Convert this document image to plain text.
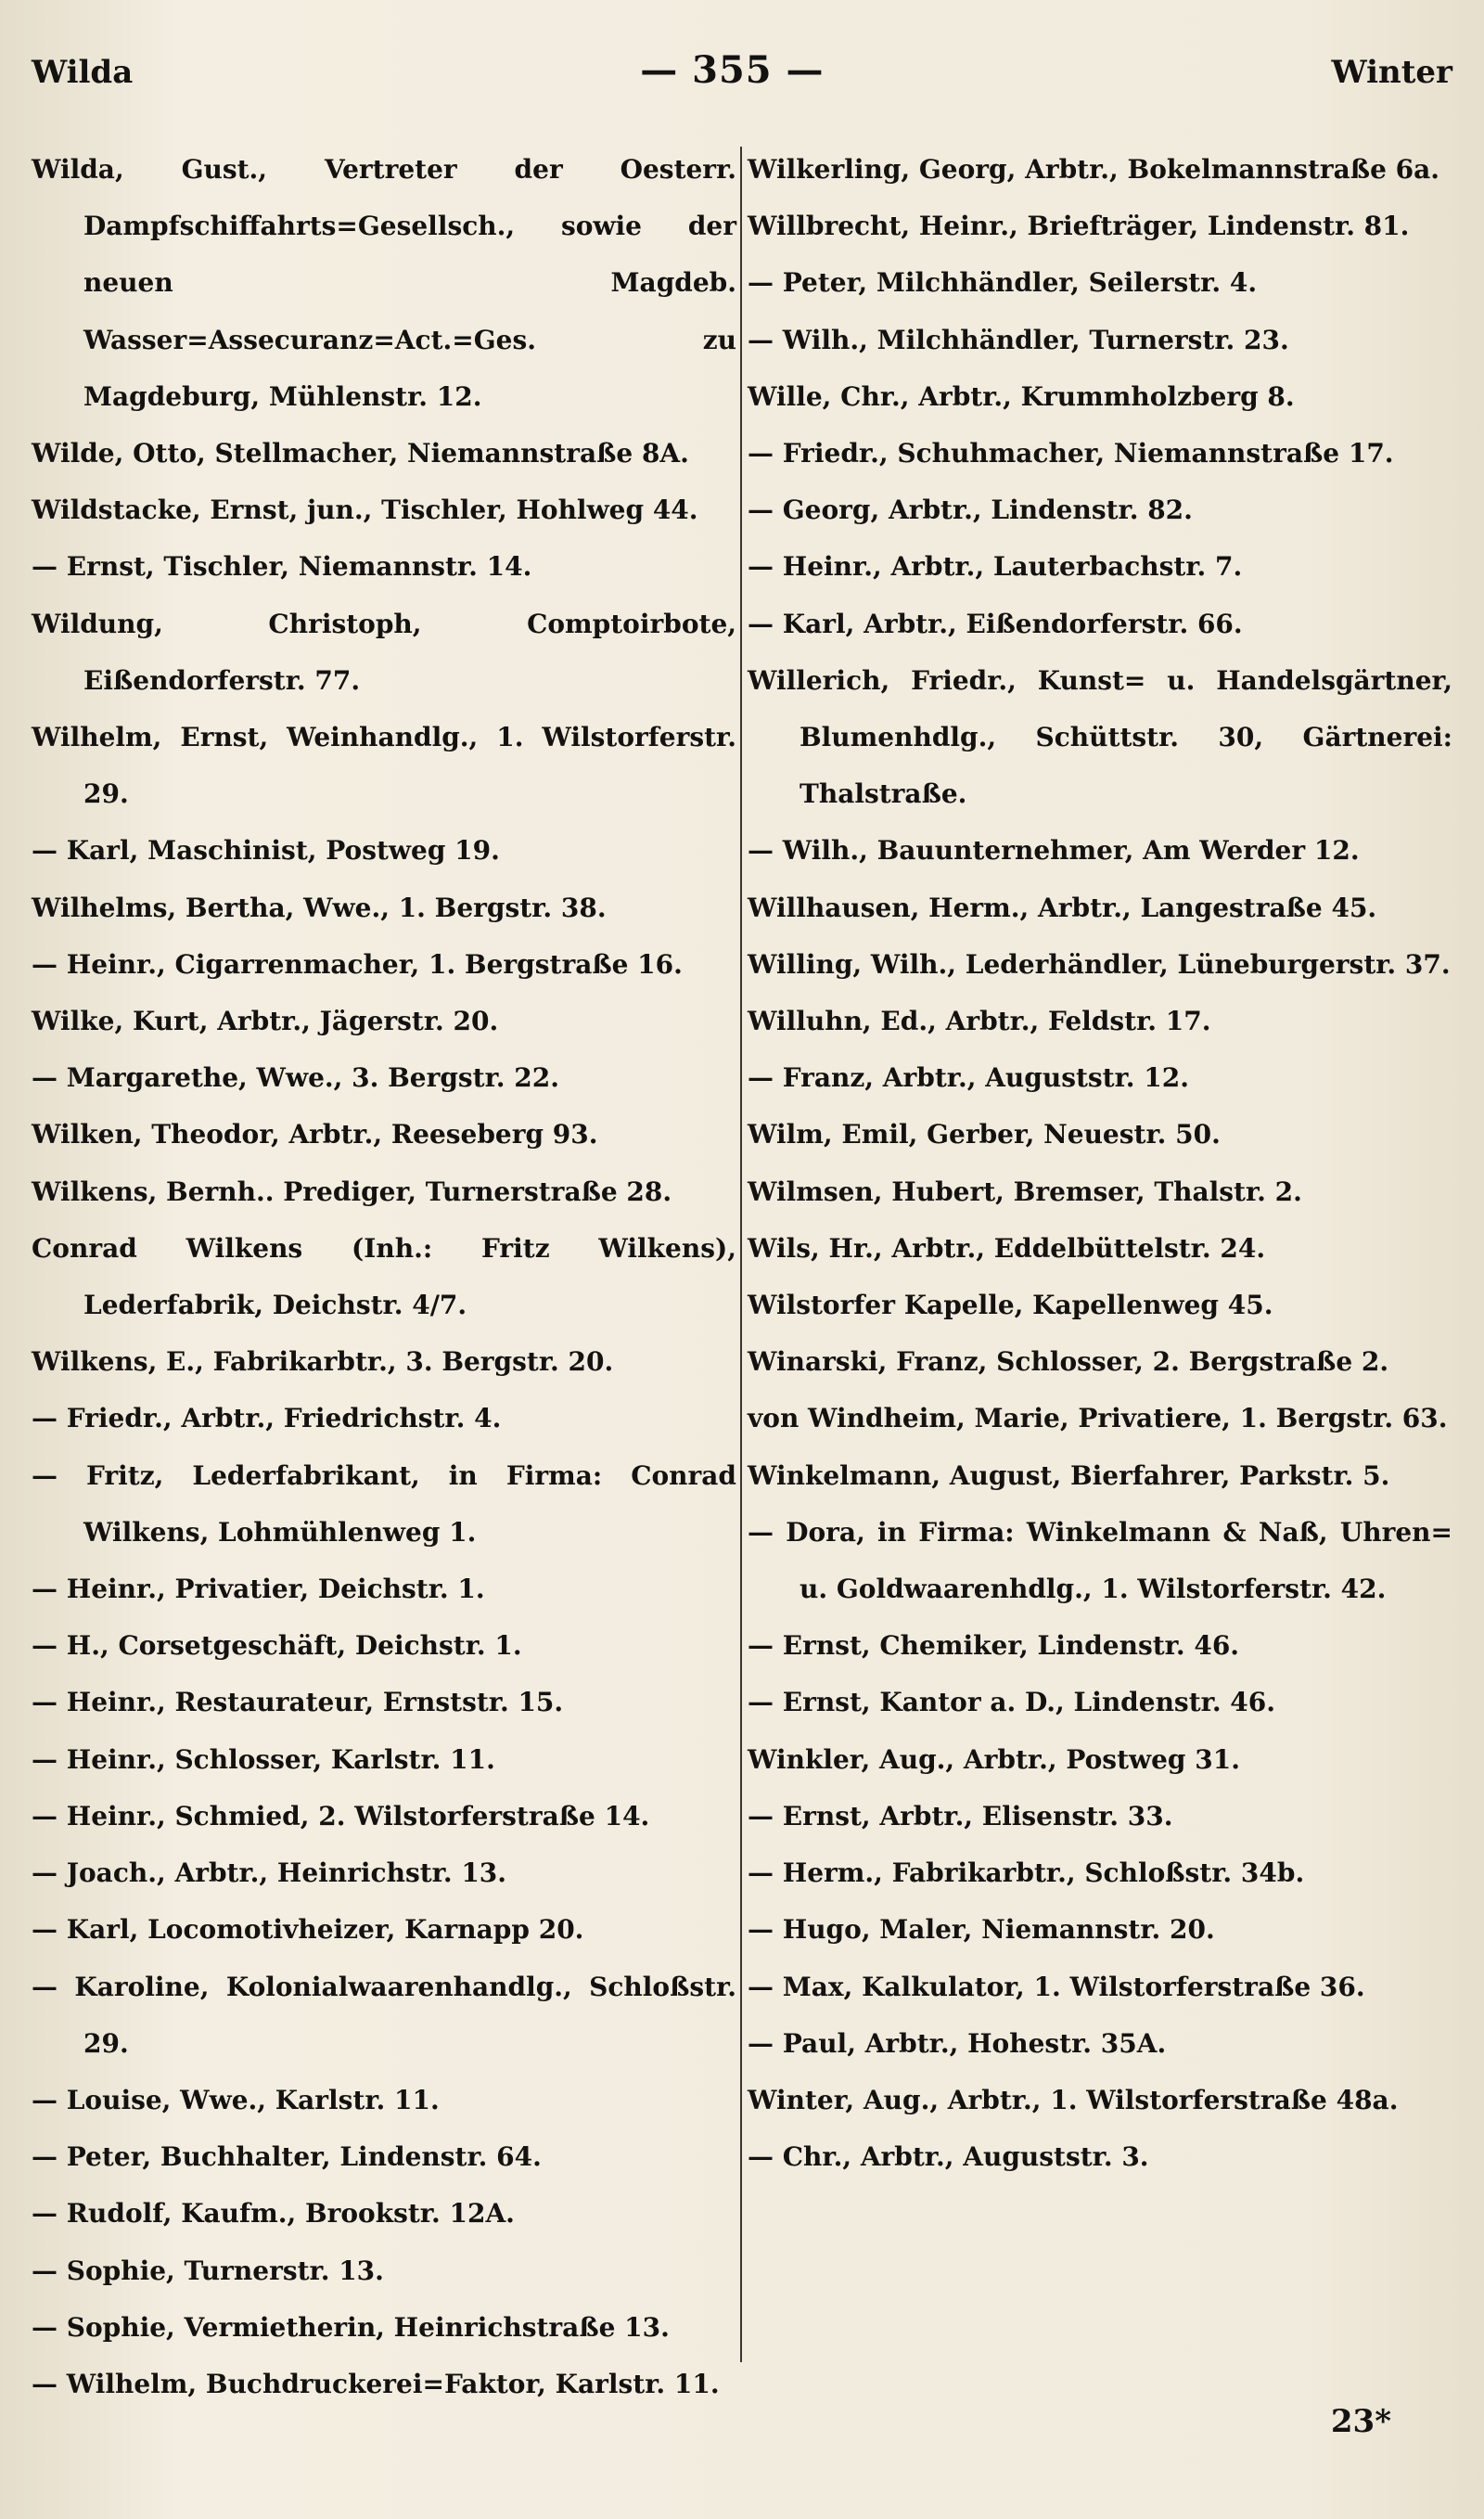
Wilda	— 355 —	Winter
Wilda, Gust., Vertreter der Oesterr. Dampfschiffahrts=Gesellsch., sowie der neuen Magdeb. Wasser=Assecuranz=Act.=Ges. zu Magdeburg, Mühlenstr. 12.
Wilde, Otto, Stellmacher, Niemannstraße 8A.
Wildstacke, Ernst, jun., Tischler, Hohlweg 44.
— Ernst, Tischler, Niemannstr. 14.
Wildung, Christoph, Comptoirbote, Eißendorferstr. 77.
Wilhelm, Ernst, Weinhandlg., 1. Wilstorferstr. 29.
— Karl, Maschinist, Postweg 19.
Wilhelms, Bertha, Wwe., 1. Bergstr. 38.
— Heinr., Cigarrenmacher, 1. Bergstraße 16.
Wilke, Kurt, Arbtr., Jägerstr. 20.
— Margarethe, Wwe., 3. Bergstr. 22.
Wilken, Theodor, Arbtr., Reeseberg 93.
Wilkens, Bernh.. Prediger, Turnerstraße 28.
Conrad Wilkens (Inh.: Fritz Wilkens), Lederfabrik, Deichstr. 4/7.
Wilkens, E., Fabrikarbtr., 3. Bergstr. 20.
— Friedr., Arbtr., Friedrichstr. 4.
— Fritz, Lederfabrikant, in Firma: Conrad Wilkens, Lohmühlenweg 1.
— Heinr., Privatier, Deichstr. 1.
— H., Corsetgeschäft, Deichstr. 1.
— Heinr., Restaurateur, Ernststr. 15.
— Heinr., Schlosser, Karlstr. 11.
— Heinr., Schmied, 2. Wilstorferstraße 14.
— Joach., Arbtr., Heinrichstr. 13.
— Karl, Locomotivheizer, Karnapp 20.
— Karoline, Kolonialwaarenhandlg., Schloßstr. 29.
— Louise, Wwe., Karlstr. 11.
— Peter, Buchhalter, Lindenstr. 64.
— Rudolf, Kaufm., Brookstr. 12A.
— Sophie, Turnerstr. 13.
— Sophie, Vermietherin, Heinrichstraße 13.
— Wilhelm, Buchdruckerei=Faktor, Karlstr. 11.
Wilkerling, Georg, Arbtr., Bokelmannstraße 6a.
Willbrecht, Heinr., Briefträger, Lindenstr. 81.
— Peter, Milchhändler, Seilerstr. 4.
— Wilh., Milchhändler, Turnerstr. 23.
Wille, Chr., Arbtr., Krummholzberg 8.
— Friedr., Schuhmacher, Niemannstraße 17.
— Georg, Arbtr., Lindenstr. 82.
— Heinr., Arbtr., Lauterbachstr. 7.
— Karl, Arbtr., Eißendorferstr. 66.
Willerich, Friedr., Kunst= u. Handelsgärtner, Blumenhdlg., Schüttstr. 30, Gärtnerei: Thalstraße.
— Wilh., Bauunternehmer, Am Werder 12.
Willhausen, Herm., Arbtr., Langestraße 45.
Willing, Wilh., Lederhändler, Lüneburgerstr. 37.
Willuhn, Ed., Arbtr., Feldstr. 17.
— Franz, Arbtr., Auguststr. 12.
Wilm, Emil, Gerber, Neuestr. 50.
Wilmsen, Hubert, Bremser, Thalstr. 2.
Wils, Hr., Arbtr., Eddelbüttelstr. 24.
Wilstorfer Kapelle, Kapellenweg 45.
Winarski, Franz, Schlosser, 2. Bergstraße 2.
von Windheim, Marie, Privatiere, 1. Bergstr. 63.
Winkelmann, August, Bierfahrer, Parkstr. 5.
— Dora, in Firma: Winkelmann & Naß, Uhren= u. Goldwaarenhdlg., 1. Wilstorferstr. 42.
— Ernst, Chemiker, Lindenstr. 46.
— Ernst, Kantor a. D., Lindenstr. 46.
Winkler, Aug., Arbtr., Postweg 31.
— Ernst, Arbtr., Elisenstr. 33.
— Herm., Fabrikarbtr., Schloßstr. 34b.
— Hugo, Maler, Niemannstr. 20.
— Max, Kalkulator, 1. Wilstorferstraße 36.
— Paul, Arbtr., Hohestr. 35A.
Winter, Aug., Arbtr., 1. Wilstorferstraße 48a.
— Chr., Arbtr., Auguststr. 3.
23*
